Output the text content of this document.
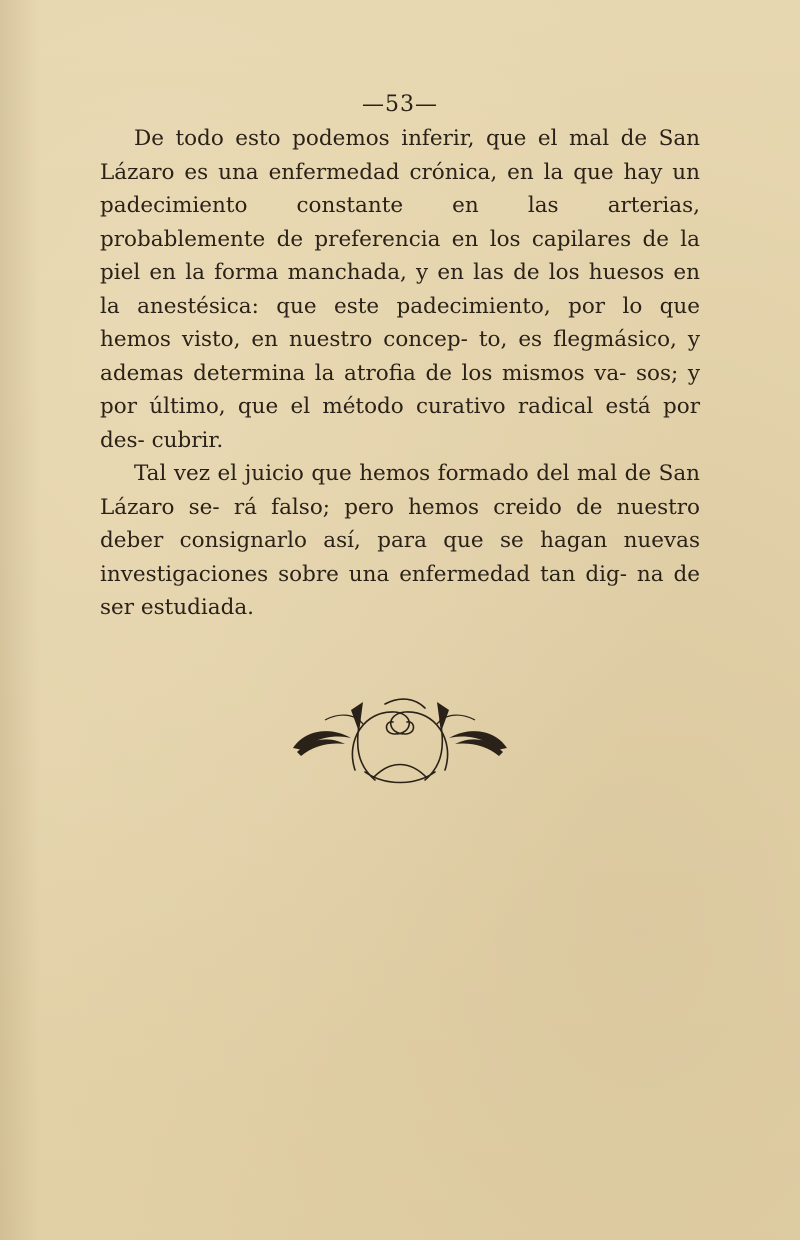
—53—

De todo esto podemos inferir, que el mal de San Lázaro es una enfermedad crónica, en la que hay un padecimiento constante en las arterias, probablemente de preferencia en los capilares de la piel en la forma manchada, y en las de los huesos en la anestésica: que este padecimiento, por lo que hemos visto, en nuestro concep- to, es flegmásico, y ademas determina la atrofia de los mismos va- sos; y por último, que el método curativo radical está por des- cubrir.

Tal vez el juicio que hemos formado del mal de San Lázaro se- rá falso; pero hemos creido de nuestro deber consignarlo así, para que se hagan nuevas investigaciones sobre una enfermedad tan dig- na de ser estudiada.
